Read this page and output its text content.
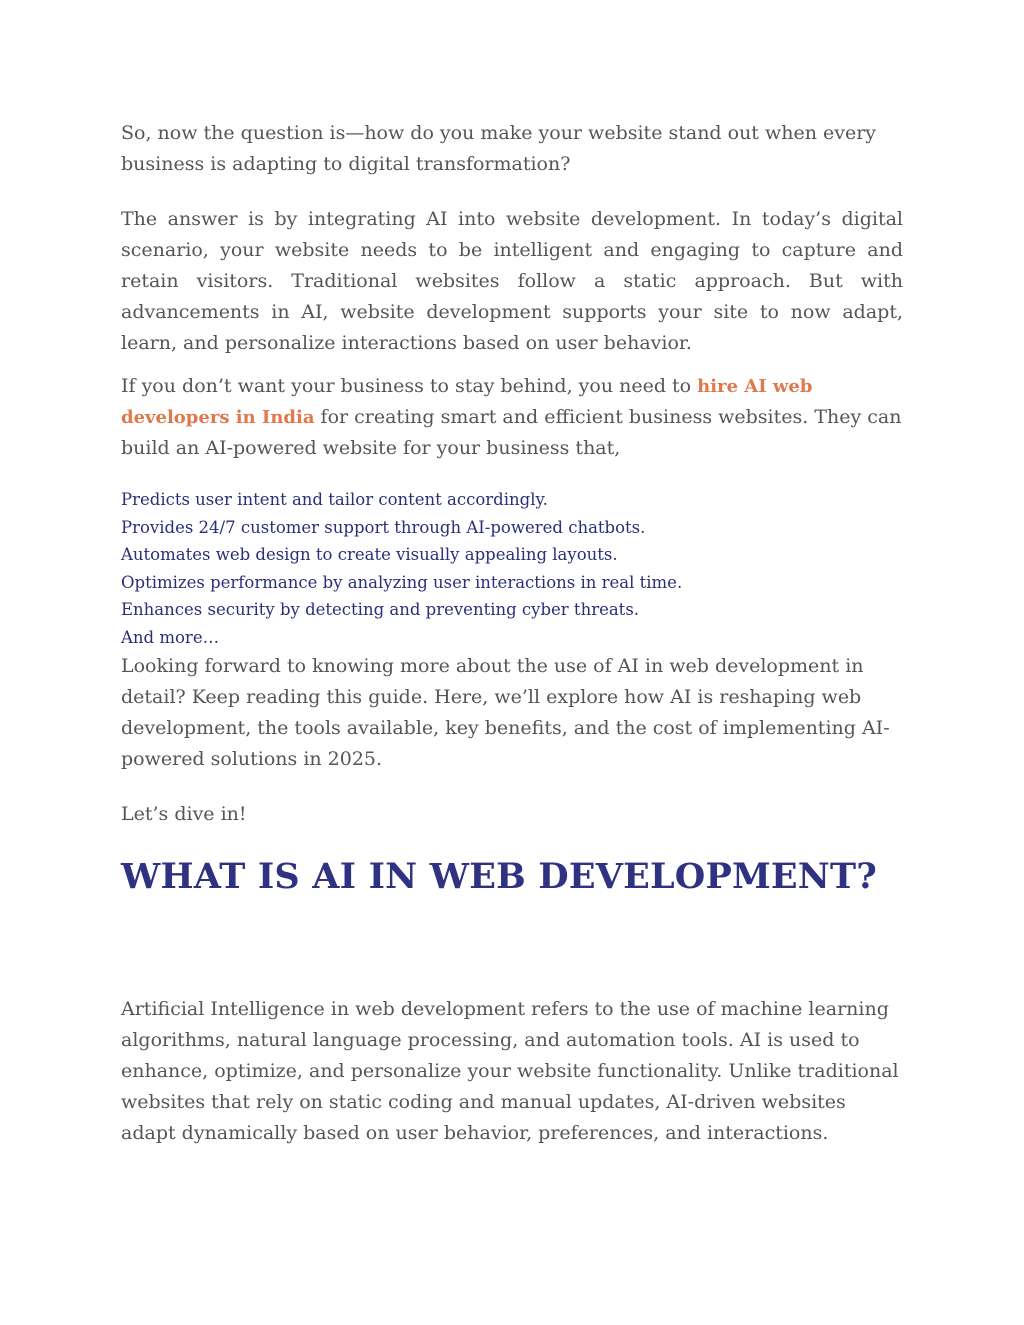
So, now the question is—how do you make your website stand out when every business is adapting to digital transformation?

The answer is by integrating AI into website development. In today’s digital scenario, your website needs to be intelligent and engaging to capture and retain visitors. Traditional websites follow a static approach. But with advancements in AI, website development supports your site to now adapt, learn, and personalize interactions based on user behavior.

If you don’t want your business to stay behind, you need to hire AI web developers in India for creating smart and efficient business websites. They can build an AI-powered website for your business that,

Predicts user intent and tailor content accordingly.
Provides 24/7 customer support through AI-powered chatbots.
Automates web design to create visually appealing layouts.
Optimizes performance by analyzing user interactions in real time.
Enhances security by detecting and preventing cyber threats.
And more…

Looking forward to knowing more about the use of AI in web development in detail? Keep reading this guide. Here, we’ll explore how AI is reshaping web development, the tools available, key benefits, and the cost of implementing AI-powered solutions in 2025.

Let’s dive in!

WHAT IS AI IN WEB DEVELOPMENT?

Artificial Intelligence in web development refers to the use of machine learning algorithms, natural language processing, and automation tools. AI is used to enhance, optimize, and personalize your website functionality. Unlike traditional websites that rely on static coding and manual updates, AI-driven websites adapt dynamically based on user behavior, preferences, and interactions.
